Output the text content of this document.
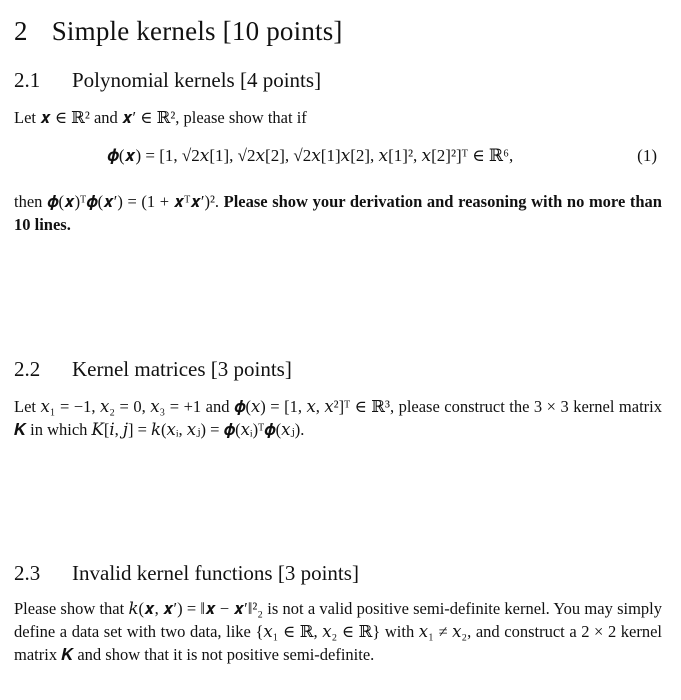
2 Simple kernels [10 points]
2.1 Polynomial kernels [4 points]
Let 𝒙 ∈ ℝ² and 𝒙′ ∈ ℝ², please show that if
𝝓(𝒙) = [1, √2𝑥[1], √2𝑥[2], √2𝑥[1]𝑥[2], 𝑥[1]², 𝑥[2]²]ᵀ ∈ ℝ⁶,	(1)
then 𝝓(𝒙)ᵀ𝝓(𝒙′) = (1 + 𝒙ᵀ𝒙′)². Please show your derivation and reasoning with no more than 10 lines.
2.2 Kernel matrices [3 points]
Let 𝑥₁ = −1, 𝑥₂ = 0, 𝑥₃ = +1 and 𝝓(𝑥) = [1, 𝑥, 𝑥²]ᵀ ∈ ℝ³, please construct the 3 × 3 kernel matrix 𝑲 in which 𝐾[𝑖, 𝑗] = 𝑘(𝑥ᵢ, 𝑥ⱼ) = 𝝓(𝑥ᵢ)ᵀ𝝓(𝑥ⱼ).
2.3 Invalid kernel functions [3 points]
Please show that 𝑘(𝒙, 𝒙′) = ‖𝒙 − 𝒙′‖²₂ is not a valid positive semi-definite kernel. You may simply define a data set with two data, like {𝑥₁ ∈ ℝ, 𝑥₂ ∈ ℝ} with 𝑥₁ ≠ 𝑥₂, and construct a 2 × 2 kernel matrix 𝑲 and show that it is not positive semi-definite.
